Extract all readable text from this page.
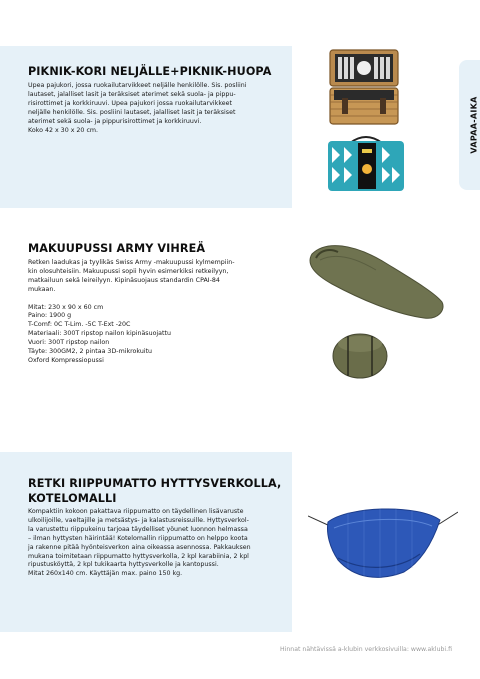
PIKNIK-KORI NELJÄLLE+PIKNIK-HUOPA

Upea pajukori, jossa ruokailutarvikkeet neljälle henkilölle. Sis. posliini
lautaset, jalalliset lasit ja teräksiset aterimet sekä suola- ja pippu-
risirottimet ja korkkiruuvi. Upea pajukori jossa ruokailutarvikkeet
neljälle henkilölle. Sis. posliini lautaset, jalalliset lasit ja teräksiset
aterimet sekä suola- ja pippurisirottimet ja korkkiruuvi.
Koko 42 x 30 x 20 cm.	VAPAA-AIKA
MAKUUPUSSI ARMY VIHREÄ

Retken laadukas ja tyylikäs Swiss Army -makuupussi kylmempiin-
kin olosuhteisiin. Makuupussi sopii hyvin esimerkiksi retkeilyyn,
matkailuun sekä leireilyyn. Kipinäsuojaus standardin CPAI-84
mukaan.

Mitat: 230 x 90 x 60 cm
Paino: 1900 g
T-Comf: 0C T-Lim. -5C T-Ext -20C
Materiaali: 300T ripstop nailon kipinäsuojattu
Vuori: 300T ripstop nailon
Täyte: 300GM2, 2 pintaa 3D-mikrokuitu
Oxford Kompressiopussi

RETKI RIIPPUMATTO HYTTYSVERKOLLA,
KOTELOMALLI

Kompaktiin kokoon pakattava riippumatto on täydellinen lisävaruste
ulkoilijoille, vaeltajille ja metsästys- ja kalastusreissuille. Hyttysverkol-
la varustettu riippukeinu tarjoaa täydelliset yöunet luonnon helmassa
– ilman hyttysten häirintää! Kotelomallin riippumatto on helppo koota
ja rakenne pitää hyönteisverkon aina oikeassa asennossa. Pakkauksen
mukana toimitetaan riippumatto hyttysverkolla, 2 kpl karabiinia, 2 kpl
ripustusköyttä, 2 kpl tukikaarta hyttysverkolle ja kantopussi.
Mitat 260x140 cm. Käyttäjän max. paino 150 kg.

Hinnat nähtävissä a-klubin verkkosivuilla: www.aklubi.fi
